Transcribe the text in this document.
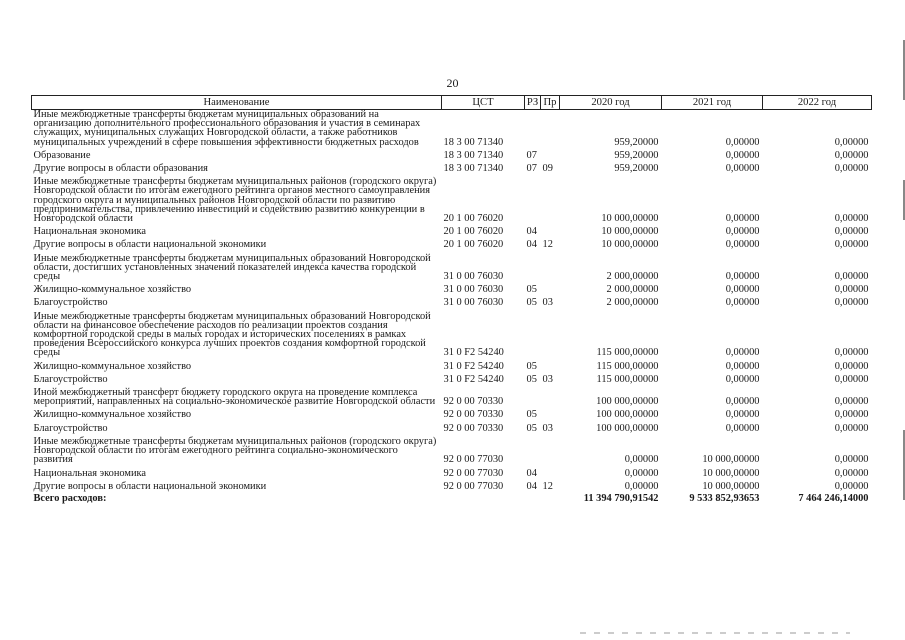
20
Наименование	ЦСТ	РЗ	Пр	2020 год	2021 год	2022 год
Иные межбюджетные трансферты бюджетам муниципальных образований на организацию дополнительного профессионального образования и участия в семинарах служащих, муниципальных служащих Новгородской области, а также работников муниципальных учреждений в сфере повышения эффективности бюджетных расходов	18 3 00 71340			959,20000	0,00000	0,00000
Образование	18 3 00 71340	07		959,20000	0,00000	0,00000
Другие вопросы в области образования	18 3 00 71340	07	09	959,20000	0,00000	0,00000
Иные межбюджетные трансферты бюджетам муниципальных районов (городского округа) Новгородской области по итогам ежегодного рейтинга органов местного самоуправления городского округа и муниципальных районов Новгородской области по развитию предпринимательства, привлечению инвестиций и содействию развитию конкуренции в Новгородской области	20 1 00 76020			10 000,00000	0,00000	0,00000
Национальная экономика	20 1 00 76020	04		10 000,00000	0,00000	0,00000
Другие вопросы в области национальной экономики	20 1 00 76020	04	12	10 000,00000	0,00000	0,00000
Иные межбюджетные трансферты бюджетам муниципальных образований Новгородской области, достигших установленных значений показателей индекса качества городской среды	31 0 00 76030			2 000,00000	0,00000	0,00000
Жилищно-коммунальное хозяйство	31 0 00 76030	05		2 000,00000	0,00000	0,00000
Благоустройство	31 0 00 76030	05	03	2 000,00000	0,00000	0,00000
Иные межбюджетные трансферты бюджетам муниципальных образований Новгородской области на финансовое обеспечение расходов по реализации проектов создания комфортной городской среды в малых городах и исторических поселениях в рамках проведения Всероссийского конкурса лучших проектов создания комфортной городской среды	31 0 F2 54240			115 000,00000	0,00000	0,00000
Жилищно-коммунальное хозяйство	31 0 F2 54240	05		115 000,00000	0,00000	0,00000
Благоустройство	31 0 F2 54240	05	03	115 000,00000	0,00000	0,00000
Иной межбюджетный трансферт бюджету городского округа на проведение комплекса мероприятий, направленных на социально-экономическое развитие Новгородской области	92 0 00 70330			100 000,00000	0,00000	0,00000
Жилищно-коммунальное хозяйство	92 0 00 70330	05		100 000,00000	0,00000	0,00000
Благоустройство	92 0 00 70330	05	03	100 000,00000	0,00000	0,00000
Иные межбюджетные трансферты бюджетам муниципальных районов (городского округа) Новгородской области по итогам ежегодного рейтинга социально-экономического развития	92 0 00 77030			0,00000	10 000,00000	0,00000
Национальная экономика	92 0 00 77030	04		0,00000	10 000,00000	0,00000
Другие вопросы в области национальной экономики	92 0 00 77030	04	12	0,00000	10 000,00000	0,00000
Всего расходов:				11 394 790,91542	9 533 852,93653	7 464 246,14000
